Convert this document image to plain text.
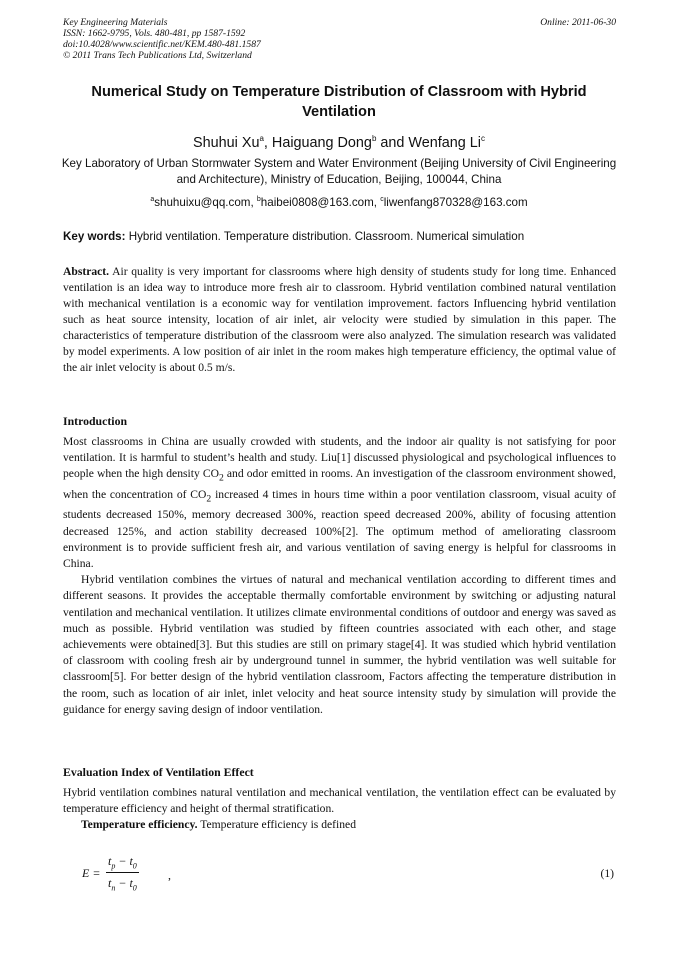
Key Engineering Materials
ISSN: 1662-9795, Vols. 480-481, pp 1587-1592
doi:10.4028/www.scientific.net/KEM.480-481.1587
© 2011 Trans Tech Publications Ltd, Switzerland
Online: 2011-06-30
Numerical Study on Temperature Distribution of Classroom with Hybrid Ventilation
Shuhui Xu$^a$, Haiguang Dong$^b$ and Wenfang Li$^c$
Key Laboratory of Urban Stormwater System and Water Environment (Beijing University of Civil Engineering and Architecture), Ministry of Education, Beijing, 100044, China
$^a$shuhuixu@qq.com, $^b$haibei0808@163.com, $^c$liwenfang870328@163.com
Key words: Hybrid ventilation. Temperature distribution. Classroom. Numerical simulation
Abstract. Air quality is very important for classrooms where high density of students study for long time. Enhanced ventilation is an idea way to introduce more fresh air to classroom. Hybrid ventilation combined natural ventilation with mechanical ventilation is a economic way for ventilation improvement. factors Influencing hybrid ventilation such as heat source intensity, location of air inlet, air velocity were studied by simulation in this paper. The characteristics of temperature distribution of the classroom were also analyzed. The simulation research was validated by model experiments. A low position of air inlet in the room makes high temperature efficiency, the optimal value of the air inlet velocity is about 0.5 m/s.
Introduction

Most classrooms in China are usually crowded with students, and the indoor air quality is not satisfying for poor ventilation. It is harmful to student’s health and study. Liu[1] discussed physiological and psychological influences to people when the high density $CO_2$ and odor emitted in rooms. An investigation of the classroom environment showed, when the concentration of $CO_2$ increased 4 times in hours time within a poor ventilation classroom, visual acuity of students decreased 150%, memory decreased 300%, reaction speed decreased 200%, ability of focusing attention decreased 125%, and action stability decreased 100%[2]. The optimum method of ameliorating classroom environment is to provide sufficient fresh air, and various ventilation of saving energy is helpful for classrooms in China.

Hybrid ventilation combines the virtues of natural and mechanical ventilation according to different times and different seasons. It provides the acceptable thermally comfortable environment by switching or adjusting natural ventilation and mechanical ventilation. It utilizes climate environmental conditions of outdoor and energy was saved as much as possible. Hybrid ventilation was studied by fifteen countries associated with each other, and stage achievements were obtained[3]. But this studies are still on primary stage[4]. It was studied which hybrid ventilation of classroom with cooling fresh air by underground tunnel in summer, the hybrid ventilation was well suitable for classroom[5]. For better design of the hybrid ventilation classroom, Factors affecting the temperature distribution in the room, such as location of air inlet, inlet velocity and heat source intensity study by simulation will provide the guidance for energy saving design of indoor ventilation.

Evaluation Index of Ventilation Effect

Hybrid ventilation combines natural ventilation and mechanical ventilation, the ventilation effect can be evaluated by temperature efficiency and height of thermal stratification.

Temperature efficiency. Temperature efficiency is defined

E =
$t_p - t_0$
$t_n - t_0$
,	(1)
